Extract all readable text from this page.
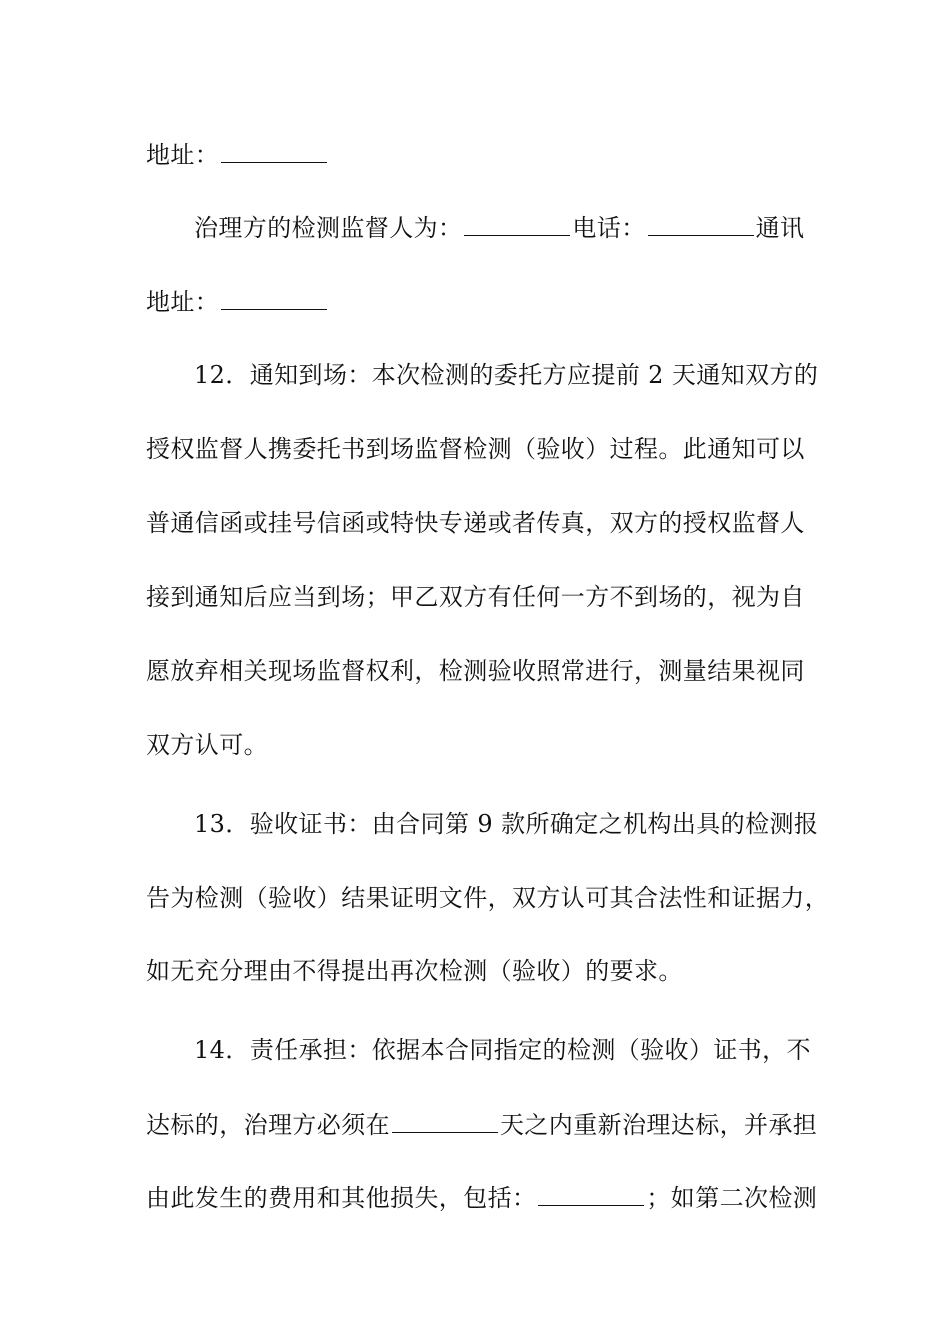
地址：
治理方的检测监督人为：	电话：	通讯
地址：
12．通知到场：本次检测的委托方应提前 2 天通知双方的
授权监督人携委托书到场监督检测（验收）过程。此通知可以
普通信函或挂号信函或特快专递或者传真，双方的授权监督人
接到通知后应当到场；甲乙双方有任何一方不到场的，视为自
愿放弃相关现场监督权利，检测验收照常进行，测量结果视同
双方认可。
13．验收证书：由合同第 9 款所确定之机构出具的检测报
告为检测（验收）结果证明文件，双方认可其合法性和证据力，
如无充分理由不得提出再次检测（验收）的要求。
14．责任承担：依据本合同指定的检测（验收）证书，不
达标的，治理方必须在	天之内重新治理达标，并承担
由此发生的费用和其他损失，包括：	；如第二次检测
